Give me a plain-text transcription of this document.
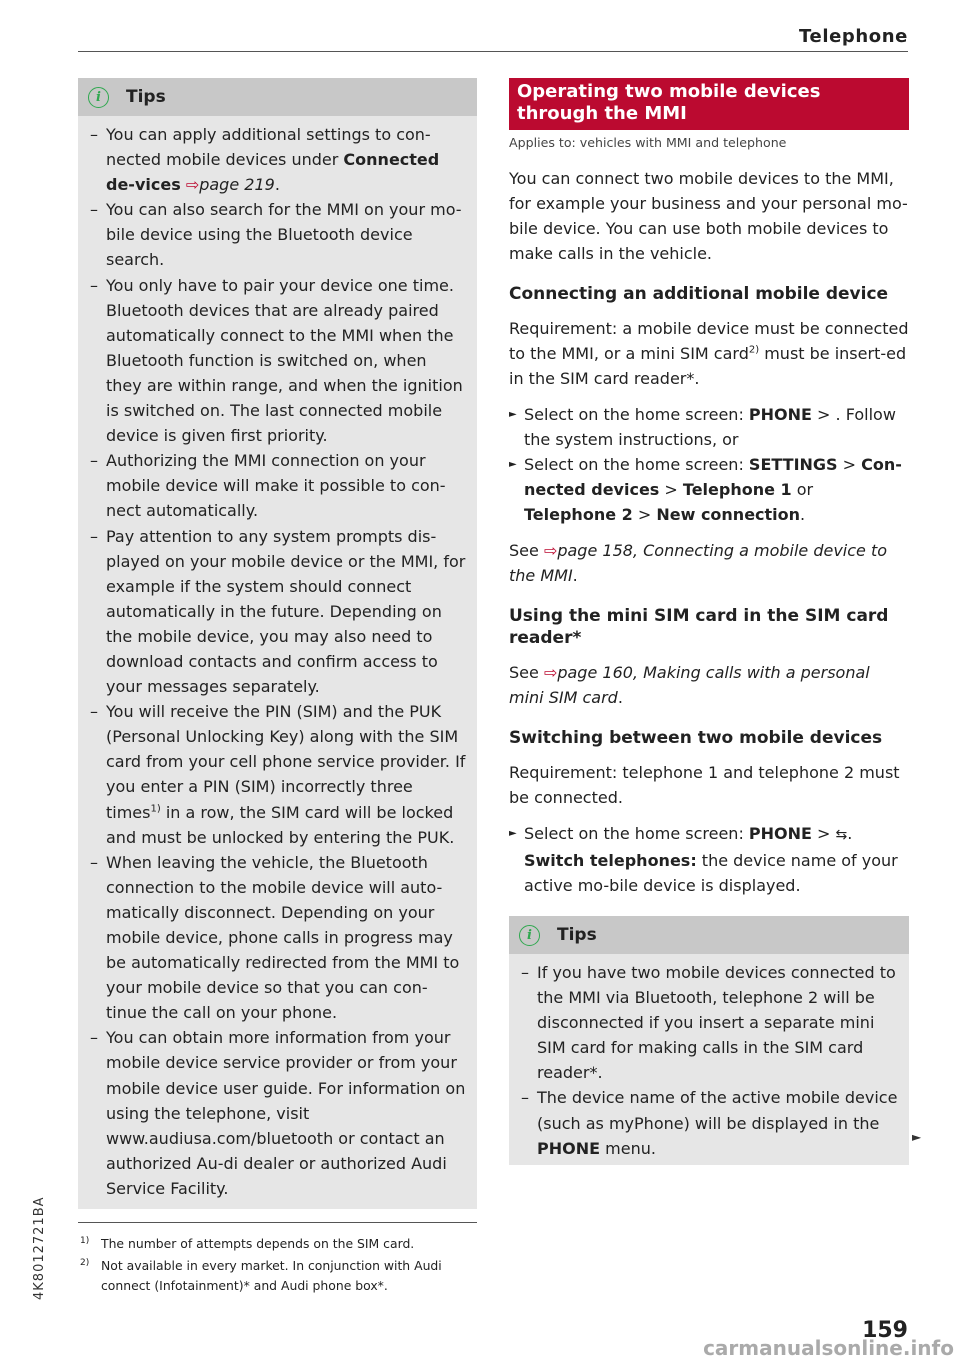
Telephone
i	Tips
– You can apply additional settings to con-nected mobile devices under Connected de-vices ⇨page 219.
– You can also search for the MMI on your mo-bile device using the Bluetooth device search.
– You only have to pair your device one time. Bluetooth devices that are already paired automatically connect to the MMI when the Bluetooth function is switched on, when they are within range, and when the ignition is switched on. The last connected mobile device is given first priority.
– Authorizing the MMI connection on your mobile device will make it possible to con-nect automatically.
– Pay attention to any system prompts dis-played on your mobile device or the MMI, for example if the system should connect automatically in the future. Depending on the mobile device, you may also need to download contacts and confirm access to your messages separately.
– You will receive the PIN (SIM) and the PUK (Personal Unlocking Key) along with the SIM card from your cell phone service provider. If you enter a PIN (SIM) incorrectly three times$^{1)}$ in a row, the SIM card will be locked and must be unlocked by entering the PUK.
– When leaving the vehicle, the Bluetooth connection to the mobile device will auto-matically disconnect. Depending on your mobile device, phone calls in progress may be automatically redirected from the MMI to your mobile device so that you can con-tinue the call on your phone.
– You can obtain more information from your mobile device service provider or from your mobile device user guide. For information on using the telephone, visit www.audiusa.com/bluetooth or contact an authorized Au-di dealer or authorized Audi Service Facility.
1) The number of attempts depends on the SIM card.
2) Not available in every market. In conjunction with Audi connect (Infotainment)* and Audi phone box*.
Operating two mobile devices through the MMI
Applies to: vehicles with MMI and telephone

You can connect two mobile devices to the MMI, for example your business and your personal mo-bile device. You can use both mobile devices to make calls in the vehicle.

Connecting an additional mobile device

Requirement: a mobile device must be connected to the MMI, or a mini SIM card$^{2)}$ must be insert-ed in the SIM card reader*.

► Select on the home screen: PHONE > . Follow the system instructions, or
► Select on the home screen: SETTINGS > Con-nected devices > Telephone 1 or Telephone 2 > New connection.
See ⇨page 158, Connecting a mobile device to the MMI.
Using the mini SIM card in the SIM card reader*
See ⇨page 160, Making calls with a personal mini SIM card.
Switching between two mobile devices

Requirement: telephone 1 and telephone 2 must be connected.

► Select on the home screen: PHONE > ⇆. Switch telephones: the device name of your active mo-bile device is displayed.
i	Tips
– If you have two mobile devices connected to the MMI via Bluetooth, telephone 2 will be disconnected if you insert a separate mini SIM card for making calls in the SIM card reader*.
– The device name of the active mobile device (such as myPhone) will be displayed in the PHONE menu.
►
4K8012721BA
159
carmanualsonline.info
